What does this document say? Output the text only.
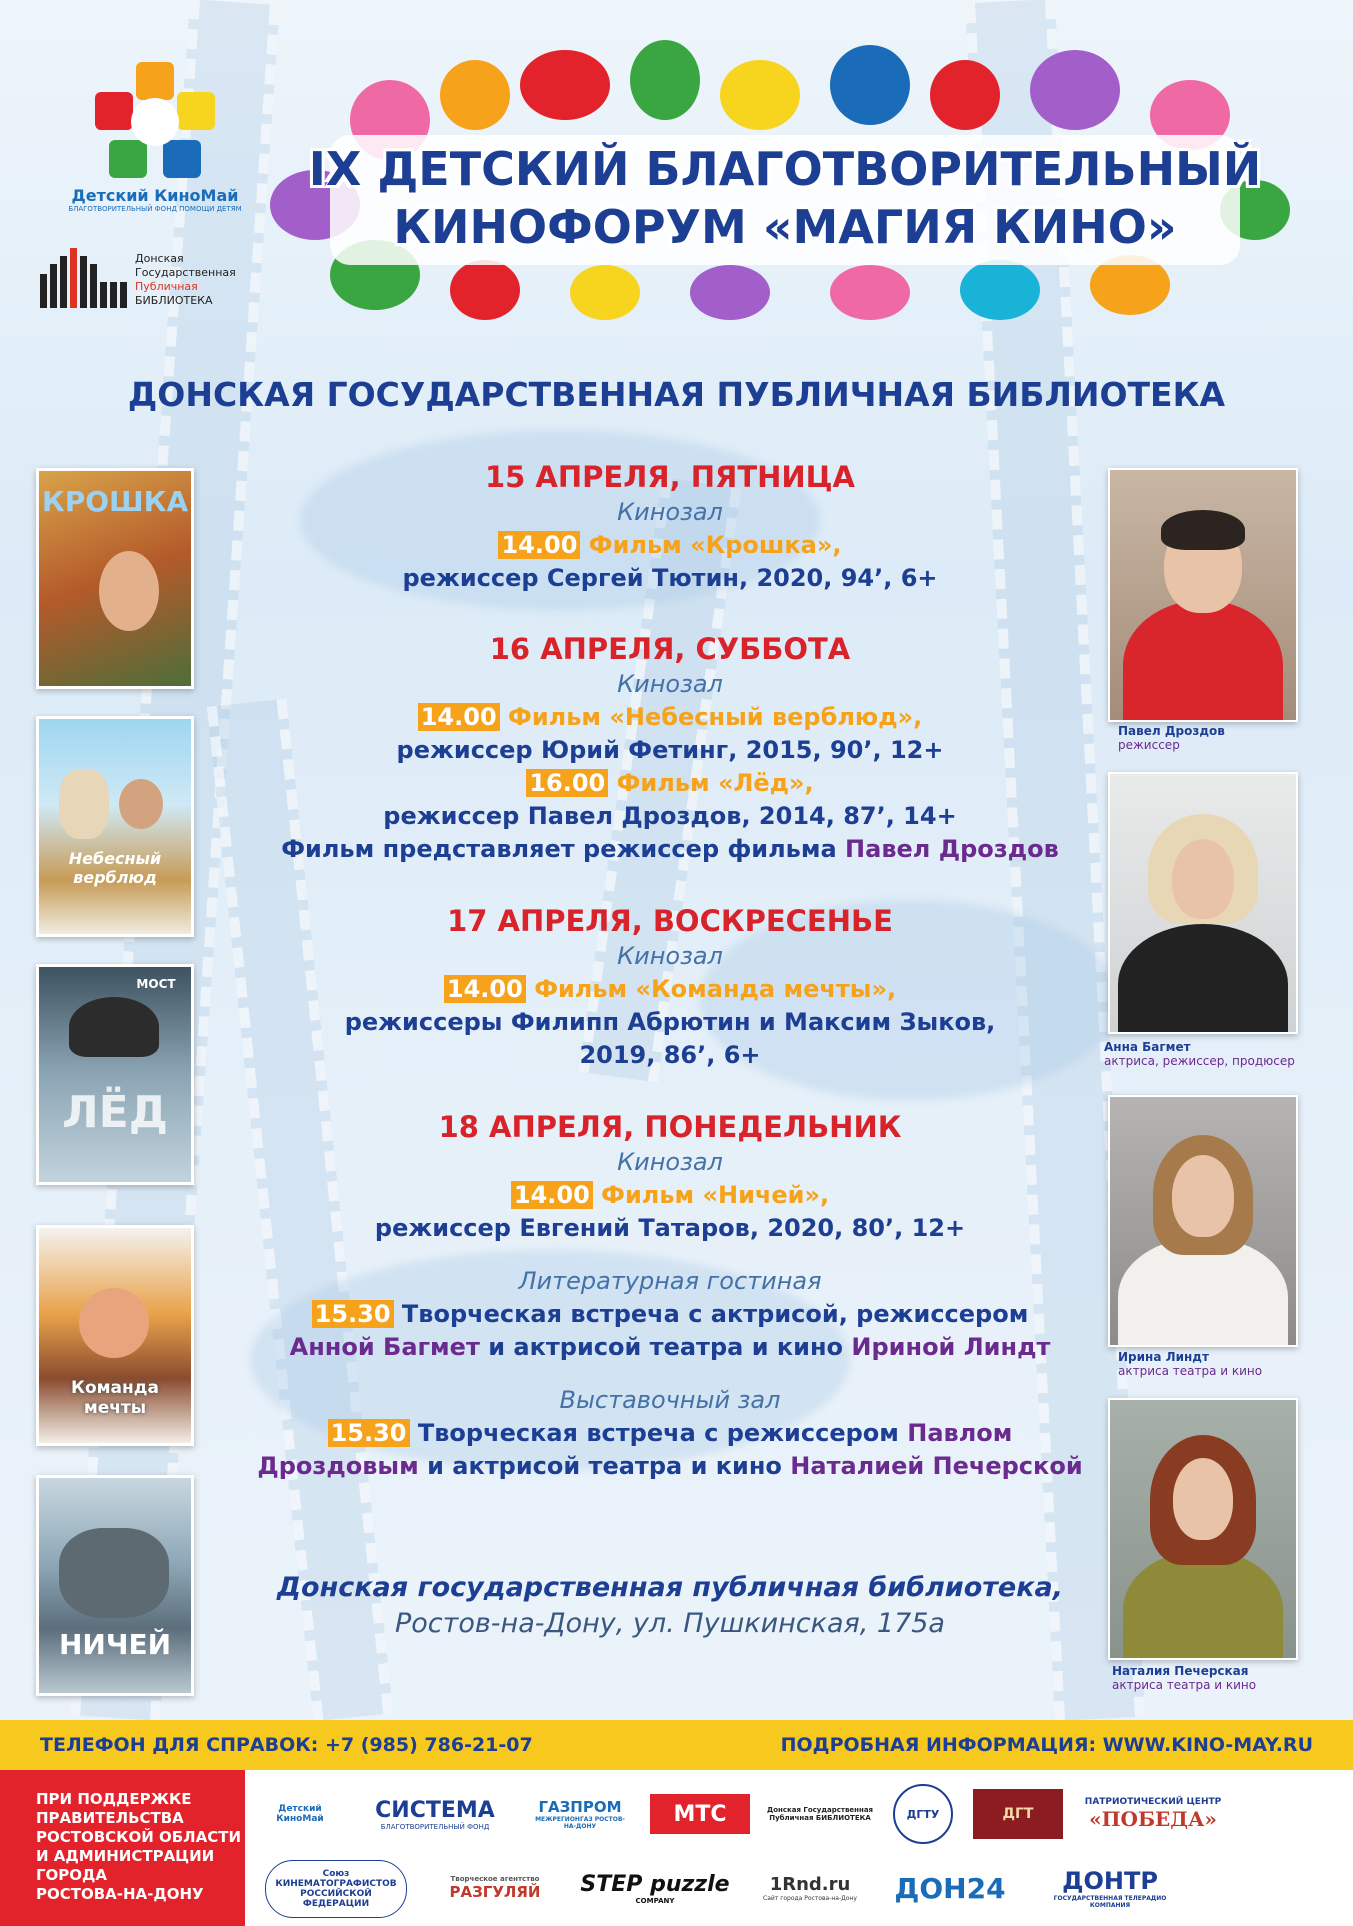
Детский КиноМай
БЛАГОТВОРИТЕЛЬНЫЙ ФОНД ПОМОЩИ ДЕТЯМ
Донская
Государственная
Публичная
БИБЛИОТЕКА
IX ДЕТСКИЙ БЛАГОТВОРИТЕЛЬНЫЙ
КИНОФОРУМ «МАГИЯ КИНО»
ДОНСКАЯ ГОСУДАРСТВЕННАЯ ПУБЛИЧНАЯ БИБЛИОТЕКА
КРОШКА
Небесный верблюд
МОСТ
ЛЁД
Команда мечты
НИЧЕЙ
Павел Дроздов
режиссер
Анна Багмет
актриса, режиссер, продюсер
Ирина Линдт
актриса театра и кино
Наталия Печерская
актриса театра и кино
15 АПРЕЛЯ, ПЯТНИЦА
Кинозал
14.00 Фильм «Крошка»,
режиссер Сергей Тютин, 2020, 94’, 6+
16 АПРЕЛЯ, СУББОТА
Кинозал
14.00 Фильм «Небесный верблюд»,
режиссер Юрий Фетинг, 2015, 90’, 12+
16.00 Фильм «Лёд»,
режиссер Павел Дроздов, 2014, 87’, 14+
Фильм представляет режиссер фильма Павел Дроздов
17 АПРЕЛЯ, ВОСКРЕСЕНЬЕ
Кинозал
14.00 Фильм «Команда мечты»,
режиссеры Филипп Абрютин и Максим Зыков,
2019, 86’, 6+
18 АПРЕЛЯ, ПОНЕДЕЛЬНИК
Кинозал
14.00 Фильм «Ничей»,
режиссер Евгений Татаров, 2020, 80’, 12+
Литературная гостиная
15.30 Творческая встреча с актрисой, режиссером
Анной Багмет и актрисой театра и кино Ириной Линдт
Выставочный зал
15.30 Творческая встреча с режиссером Павлом
Дроздовым и актрисой театра и кино Наталией Печерской
Донская государственная публичная библиотека,
Ростов-на-Дону, ул. Пушкинская, 175а
ТЕЛЕФОН ДЛЯ СПРАВОК: +7 (985) 786-21-07	ПОДРОБНАЯ ИНФОРМАЦИЯ: WWW.KINO-MAY.RU
ПРИ ПОДДЕРЖКЕ
ПРАВИТЕЛЬСТВА
РОСТОВСКОЙ ОБЛАСТИ
И АДМИНИСТРАЦИИ
ГОРОДА
РОСТОВА-НА-ДОНУ
Детский КиноМай	СИСТЕМА
БЛАГОТВОРИТЕЛЬНЫЙ ФОНД
ГАЗПРОМ
МЕЖРЕГИОНГАЗ РОСТОВ-НА-ДОНУ	МТС	Донская Государственная Публичная БИБЛИОТЕКА	ДГТУ	ДГТ
ПАТРИОТИЧЕСКИЙ ЦЕНТР
«ПОБЕДА»
Союз КИНЕМАТОГРАФИСТОВ РОССИЙСКОЙ ФЕДЕРАЦИИ
Творческое агентство
РАЗГУЛЯЙ STEP puzzle
COMPANY
1Rnd.ru
Сайт города Ростова-на-Дону ДОН24 ДОНТР
ГОСУДАРСТВЕННАЯ ТЕЛЕРАДИО КОМПАНИЯ
